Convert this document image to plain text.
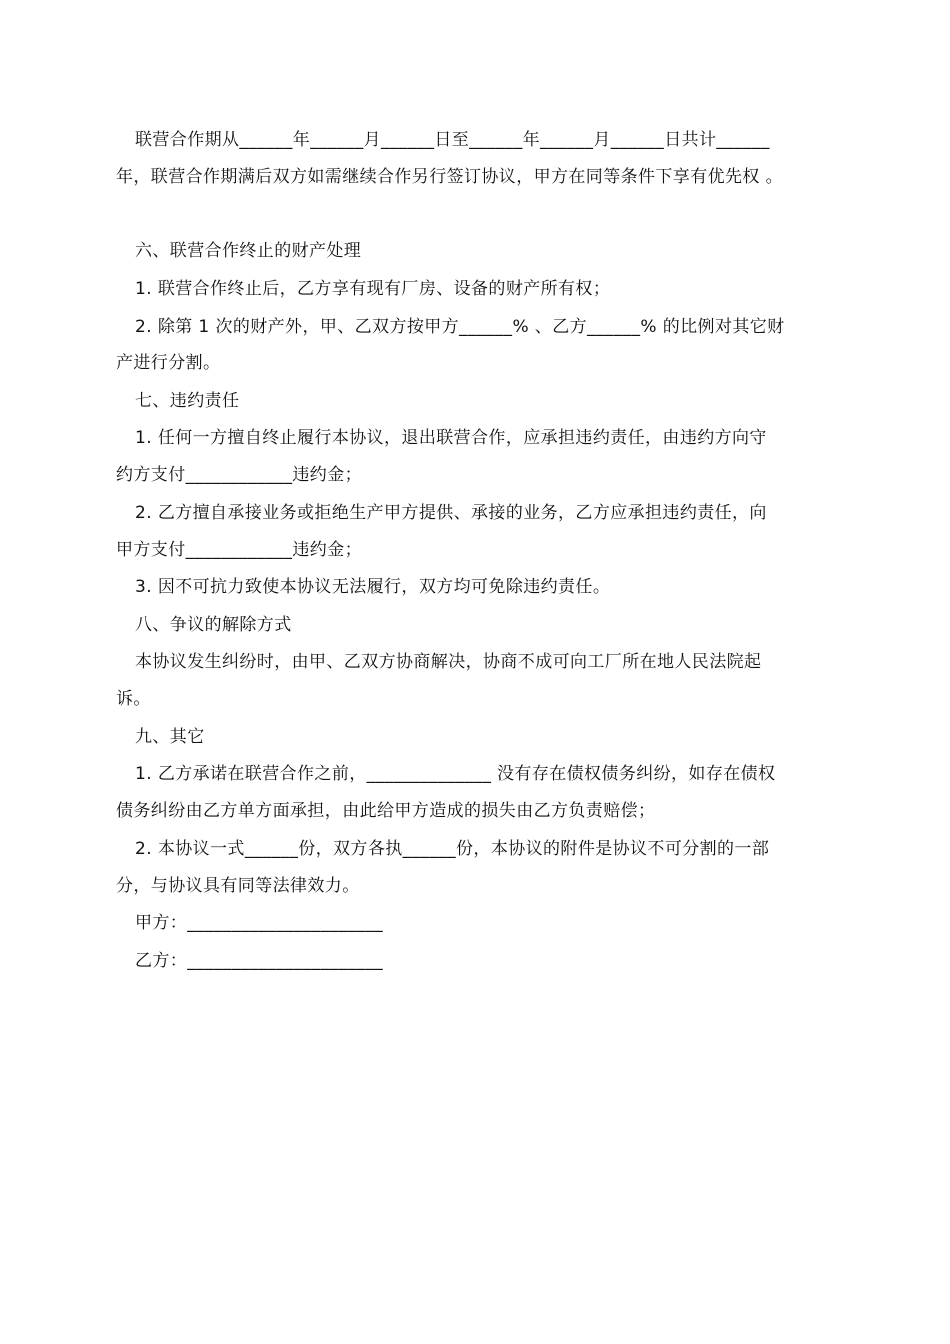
联营合作期从______年______月______日至______年______月______日共计______
年，联营合作期满后双方如需继续合作另行签订协议，甲方在同等条件下享有优先权 。
六、联营合作终止的财产处理
1. 联营合作终止后，乙方享有现有厂房、设备的财产所有权；
2. 除第 1 次的财产外，甲、乙双方按甲方______% 、乙方______% 的比例对其它财
产进行分割。
七、违约责任
1. 任何一方擅自终止履行本协议，退出联营合作，应承担违约责任，由违约方向守
约方支付____________违约金；
2. 乙方擅自承接业务或拒绝生产甲方提供、承接的业务，乙方应承担违约责任，向
甲方支付____________违约金；
3. 因不可抗力致使本协议无法履行，双方均可免除违约责任。
八、争议的解除方式
本协议发生纠纷时，由甲、乙双方协商解决，协商不成可向工厂所在地人民法院起
诉。
九、其它
1. 乙方承诺在联营合作之前，______________ 没有存在债权债务纠纷，如存在债权
债务纠纷由乙方单方面承担，由此给甲方造成的损失由乙方负责赔偿；
2. 本协议一式______份，双方各执______份，本协议的附件是协议不可分割的一部
分，与协议具有同等法律效力。
甲方：______________________
乙方：______________________
